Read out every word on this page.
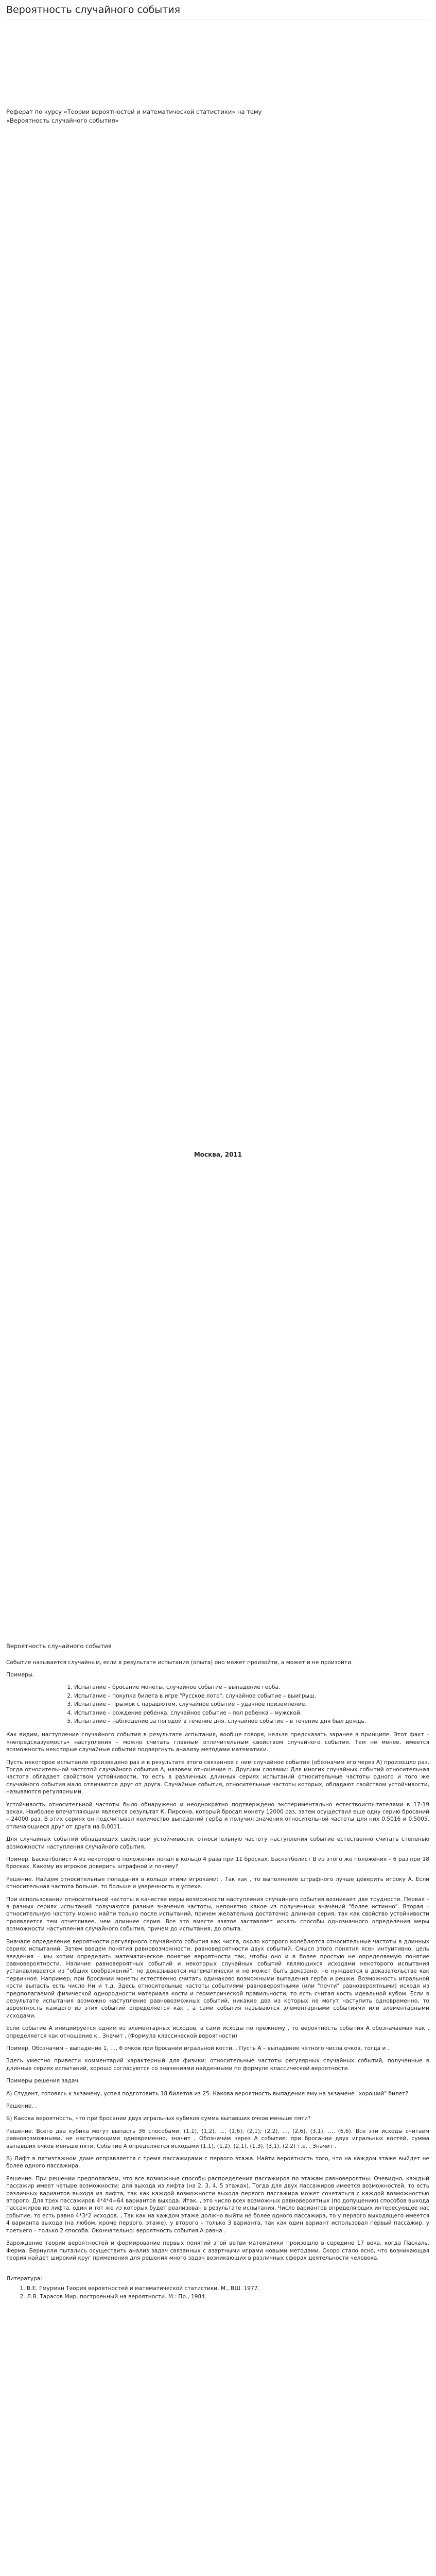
Вероятность случайного события

Реферат по курсу «Теории вероятностей и математической статистики» на тему «Вероятность случайного события»

Москва, 2011

Вероятность случайного события

Событие называется случайным, если в результате испытания (опыта) оно может произойти, а может и не произойти.

Примеры.

1. Испытание – бросание монеты, случайное событие – выпадение герба.
2. Испытание – покупка билета в игре "Русское лото", случайное событие – выигрыш.
3. Испытание – прыжок с парашютом, случайное событие – удачное приземление.
4. Испытание – рождение ребенка, случайное событие – пол ребенка – мужской.
5. Испытание – наблюдение за погодой в течение дня, случайное событие – в течение дня был дождь.

Как видим, наступление случайного события в результате испытания, вообще говоря, нельзя предсказать заранее в принципе. Этот факт – «непредсказуемость» наступления – можно считать главным отличительным свойством случайного события. Тем не менее, имеется возможность некоторые случайные события подвергнуть анализу методами математики.

Пусть некоторое испытание произведено раз и в результате этого связанное с ним случайное событие (обозначим его через А) произошло раз. Тогда относительной частотой случайного события А, назовем отношение n. Другими словами: Для многих случайных событий относительная частота обладает свойством устойчивости, то есть в различных длинных сериях испытаний относительные частоты одного и того же случайного события мало отличаются друг от друга. Случайные события, относительные частоты которых, обладают свойством устойчивости, называются регулярными.

Устойчивость относительной частоты было обнаружено и неоднократно подтверждено экспериментально естествоиспытателями в 17-19 веках. Наиболее впечатляющим является результат К. Пирсона, который бросал монету 12000 раз, затем осуществил еще одну серию бросаний – 24000 раз. В этих сериях он подсчитывал количество выпадений герба и получил значения относительной частоты для них 0,5016 и 0,5005, отличающиеся друг от друга на 0,0011.

Для случайных событий обладающих свойством устойчивости, относительную частоту наступления событие естественно считать степенью возможности наступления случайного события.

Пример. Баскетболист А из некоторого положения попал в кольцо 4 раза при 11 бросках. Баскетболист В из этого же положения – 6 раз при 18 бросках. Какому из игроков доверить штрафной и почему?

Решение. Найдем относительные попадания в кольцо этими игроками: . Так как , то выполнение штрафного лучше доверить игроку А. Если относительная частота больше, то больше и уверенность в успехе.

При использовании относительной частоты в качестве меры возможности наступления случайного события возникает две трудности. Первая – в разных сериях испытаний получаются разные значения частоты, непонятно какое из полученных значений "более истинно". Вторая – относительную частоту можно найти только после испытаний, причем желательна достаточно длинная серия, так как свойство устойчивости проявляется тем отчетливее, чем длиннее серия. Все это вместе взятое заставляет искать способы однозначного определения меры возможности наступления случайного события, причем до испытания, до опыта.

Вначале определение вероятности регулярного случайного события как числа, около которого колеблются относительные частоты в длинных сериях испытаний. Затем введем понятия равновозможности, равновероятности двух событий. Смысл этого понятия ясен интуитивно, цель введения – мы хотим определить математическое понятие вероятности так, чтобы оно и в более простую не определяемую понятие равновероятности. Наличие равновероятных событий и некоторых случайных событий являющихся исходами некоторого испытания устанавливается из "общих соображений", не доказывается математически и не может быть доказано, не нуждается в доказательстве как первичное. Например, при бросании монеты естественно считать одинаково возможными выпадения герба и решки. Возможность игральной кости выпасть есть число Ни и т.д. Здесь относительные частоты событиями равновероятными (или "почти" равновероятными) исходя из предполагаемой физической однородности материала кости и геометрической правильности, то есть считая кость идеальной кубом. Если в результате испытания возможно наступление равновозможных событий, никакие два из которых не могут наступить одновременно, то вероятность каждого из этих событий определяется как , а сами события называются элементарными событиями или элементарными исходами.

Если событие А инициируется одним из элементарных исходов, а сами исходы по прежнему , то вероятность события А обозначаемая как , определяется как отношение к . Значит , (Формула классической вероятности)

Пример. Обозначим – выпадение 1, …, 6 очков при бросании игральной кости, . Пусть А – выпадение четного числа очков, тогда и .

Здесь уместно привести комментарий характерный для физики: относительные частоты регулярных случайных событий, полученные в длинных сериях испытаний, хорошо согласуются со значениями найденными по формуле классической вероятности.

Примеры решения задач.

А) Студент, готовясь к экзамену, успел подготовить 18 билетов из 25. Какова вероятность выпадения ему на экзамене "хороший" билет?

Решение. .

Б) Какова вероятность, что при бросании двух игральных кубиков сумма выпавших очков меньше пяти?

Решение. Всего два кубика могут выпасть 36 способами: (1,1), (1,2), …, (1,6); (2,1); (2,2), …, (2,6), (3,1), …, (6,6). Все эти исходы считаем равновозможными, не наступающими одновременно, значит , Обозначим через А событие: при бросании двух игральных костей, сумма выпавших очков меньше пяти. Событие А определяется исходами (1,1), (1,2), (2,1), (1,3), (3,1), (2,2) т.е. . Значит .

В) Лифт в пятиэтажном доме отправляется с тремя пассажирами с первого этажа. Найти вероятность того, что на каждом этаже выйдет не более одного пассажира.

Решение. При решении предполагаем, что все возможные способы распределения пассажиров по этажам равновероятны. Очевидно, каждый пассажир имеет четыре возможности: для выхода из лифта (на 2, 3, 4, 5 этажах). Тогда для двух пассажиров имеется возможностей, то есть различных вариантов выхода из лифта, так как каждой возможности выхода первого пассажира может сочетаться с каждой возможностью второго. Для трех пассажиров 4*4*4=64 вариантов выхода. Итак, , это число всех возможных равновероятных (по допущению) способов выхода пассажиров из лифта, один и тот же из которых будет реализован в результате испытания. Число вариантов определяющих интересующее нас событие, то есть равно 4*3*2 исходов. , Так как на каждом этаже должно выйти не более одного пассажира, то у первого выходящего имеется 4 варианта выхода (на любом, кроме первого, этаже), у второго – только 3 варианта, так как один вариант использовал первый пассажир, у третьего – только 2 способа. Окончательно: вероятность события А равна .

Зарождение теории вероятностей и формирование первых понятий этой ветви математики произошло в середине 17 века, когда Паскаль, Ферма, Бернулли пытались осуществить анализ задач связанных с азартными играми новыми методами. Скоро стало ясно, что возникающая теория найдет широкий круг применения для решения много задач возникающих в различных сферах деятельности человека.

Литература:

1. В.Е. Гмурман Теория вероятностей и математической статистики. М., ВШ. 1977.
2. Л.В. Тарасов Мир, построенный на вероятности. М.: Пр., 1984.
